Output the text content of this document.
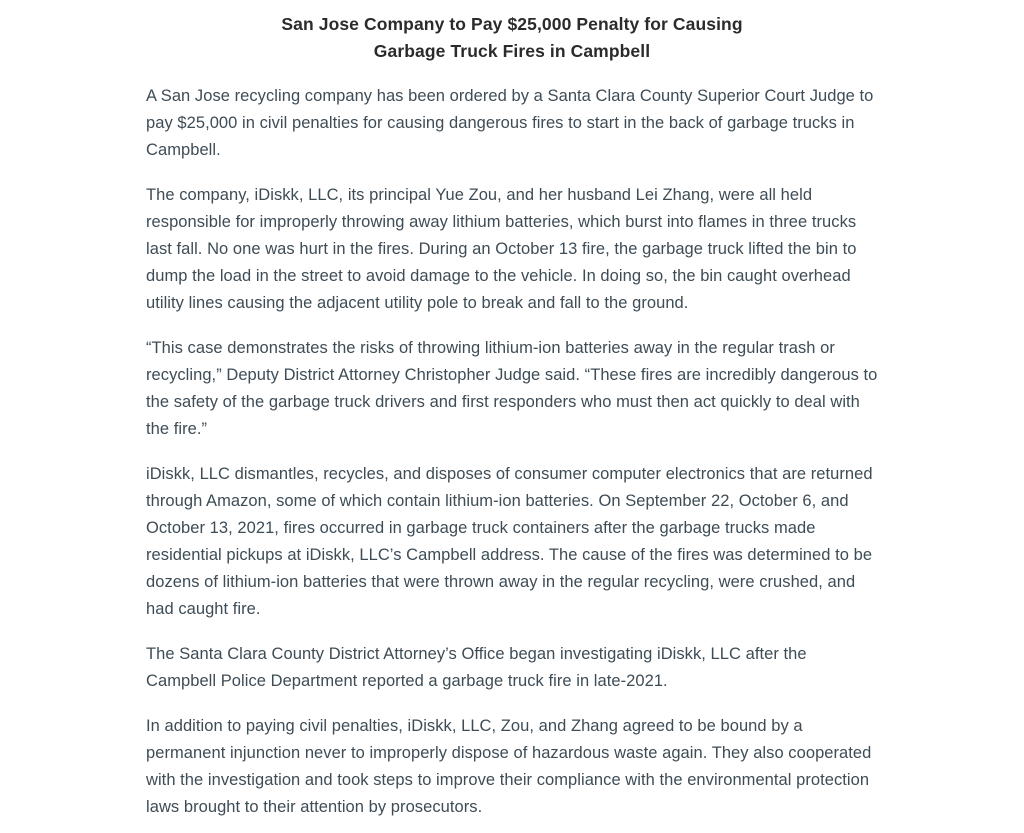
San Jose Company to Pay $25,000 Penalty for Causing
Garbage Truck Fires in Campbell

A San Jose recycling company has been ordered by a Santa Clara County Superior Court Judge to pay $25,000 in civil penalties for causing dangerous fires to start in the back of garbage trucks in Campbell.

The company, iDiskk, LLC, its principal Yue Zou, and her husband Lei Zhang, were all held responsible for improperly throwing away lithium batteries, which burst into flames in three trucks last fall. No one was hurt in the fires. During an October 13 fire, the garbage truck lifted the bin to dump the load in the street to avoid damage to the vehicle. In doing so, the bin caught overhead utility lines causing the adjacent utility pole to break and fall to the ground.

“This case demonstrates the risks of throwing lithium-ion batteries away in the regular trash or recycling,” Deputy District Attorney Christopher Judge said. “These fires are incredibly dangerous to the safety of the garbage truck drivers and first responders who must then act quickly to deal with the fire.”

iDiskk, LLC dismantles, recycles, and disposes of consumer computer electronics that are returned through Amazon, some of which contain lithium-ion batteries. On September 22, October 6, and October 13, 2021, fires occurred in garbage truck containers after the garbage trucks made residential pickups at iDiskk, LLC’s Campbell address. The cause of the fires was determined to be dozens of lithium-ion batteries that were thrown away in the regular recycling, were crushed, and had caught fire.

The Santa Clara County District Attorney’s Office began investigating iDiskk, LLC after the Campbell Police Department reported a garbage truck fire in late-2021.

In addition to paying civil penalties, iDiskk, LLC, Zou, and Zhang agreed to be bound by a permanent injunction never to improperly dispose of hazardous waste again. They also cooperated with the investigation and took steps to improve their compliance with the environmental protection laws brought to their attention by prosecutors.
